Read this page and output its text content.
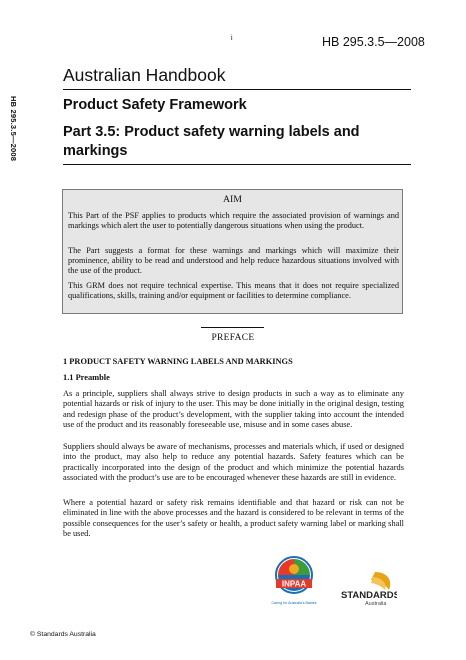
i	HB 295.3.5—2008
HB 295.3.5—2008
Australian Handbook
Product Safety Framework
Part 3.5: Product safety warning labels and markings
AIM
This Part of the PSF applies to products which require the associated provision of warnings and markings which alert the user to potentially dangerous situations when using the product.
The Part suggests a format for these warnings and markings which will maximize their prominence, ability to be read and understood and help reduce hazardous situations involved with the use of the product.
This GRM does not require technical expertise. This means that it does not require specialized qualifications, skills, training and/or equipment or facilities to determine compliance.
PREFACE
1 PRODUCT SAFETY WARNING LABELS AND MARKINGS
1.1 Preamble
As a principle, suppliers shall always strive to design products in such a way as to eliminate any potential hazards or risk of injury to the user. This may be done initially in the original design, testing and redesign phase of the product’s development, with the supplier taking into account the intended use of the product and its reasonably foreseeable use, misuse and in some cases abuse.
Suppliers should always be aware of mechanisms, processes and materials which, if used or designed into the product, may also help to reduce any potential hazards. Safety features which can be practically incorporated into the design of the product and which minimize the potential hazards associated with the product’s use are to be encouraged whenever these hazards are still in evidence.
Where a potential hazard or safety risk remains identifiable and that hazard or risk can not be eliminated in line with the above processes and the hazard is considered to be relevant in terms of the possible consequences for the user’s safety or health, a product safety warning label or marking shall be used.
INPAA
Caring for Australia's Babies
STANDARDS
Australia
© Standards Australia
